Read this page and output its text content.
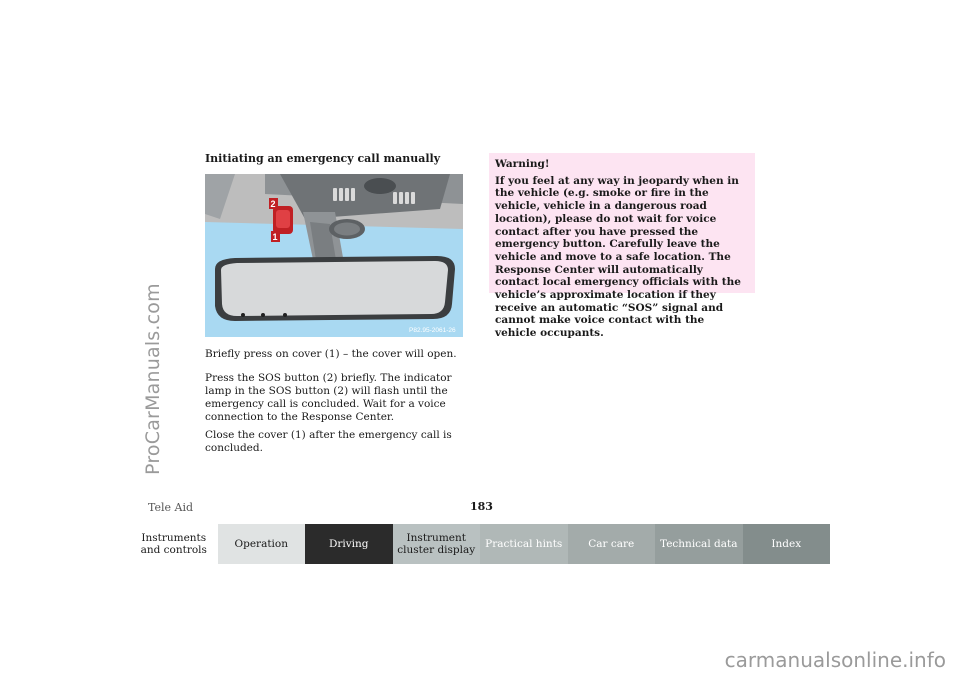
ProCarManuals.com
Initiating an emergency call manually
2
1
P82.95-2061-26
Briefly press on cover (1) – the cover will open.
Press the SOS button (2) briefly. The indicator lamp in the SOS button (2) will flash until the emergency call is concluded. Wait for a voice connection to the Response Center.
Close the cover (1) after the emergency call is concluded.
Warning!
If you feel at any way in jeopardy when in the vehicle (e.g. smoke or fire in the vehicle, vehicle in a dangerous road location), please do not wait for voice contact after you have pressed the emergency button. Carefully leave the vehicle and move to a safe location. The Response Center will automatically contact local emergency officials with the vehicle’s approximate location if they receive an automatic “SOS” signal and cannot make voice contact with the vehicle occupants.
Tele Aid	183
Instruments and controls	Operation	Driving	Instrument cluster display Practical hints	Car care	Technical data	Index
carmanualsonline.info
